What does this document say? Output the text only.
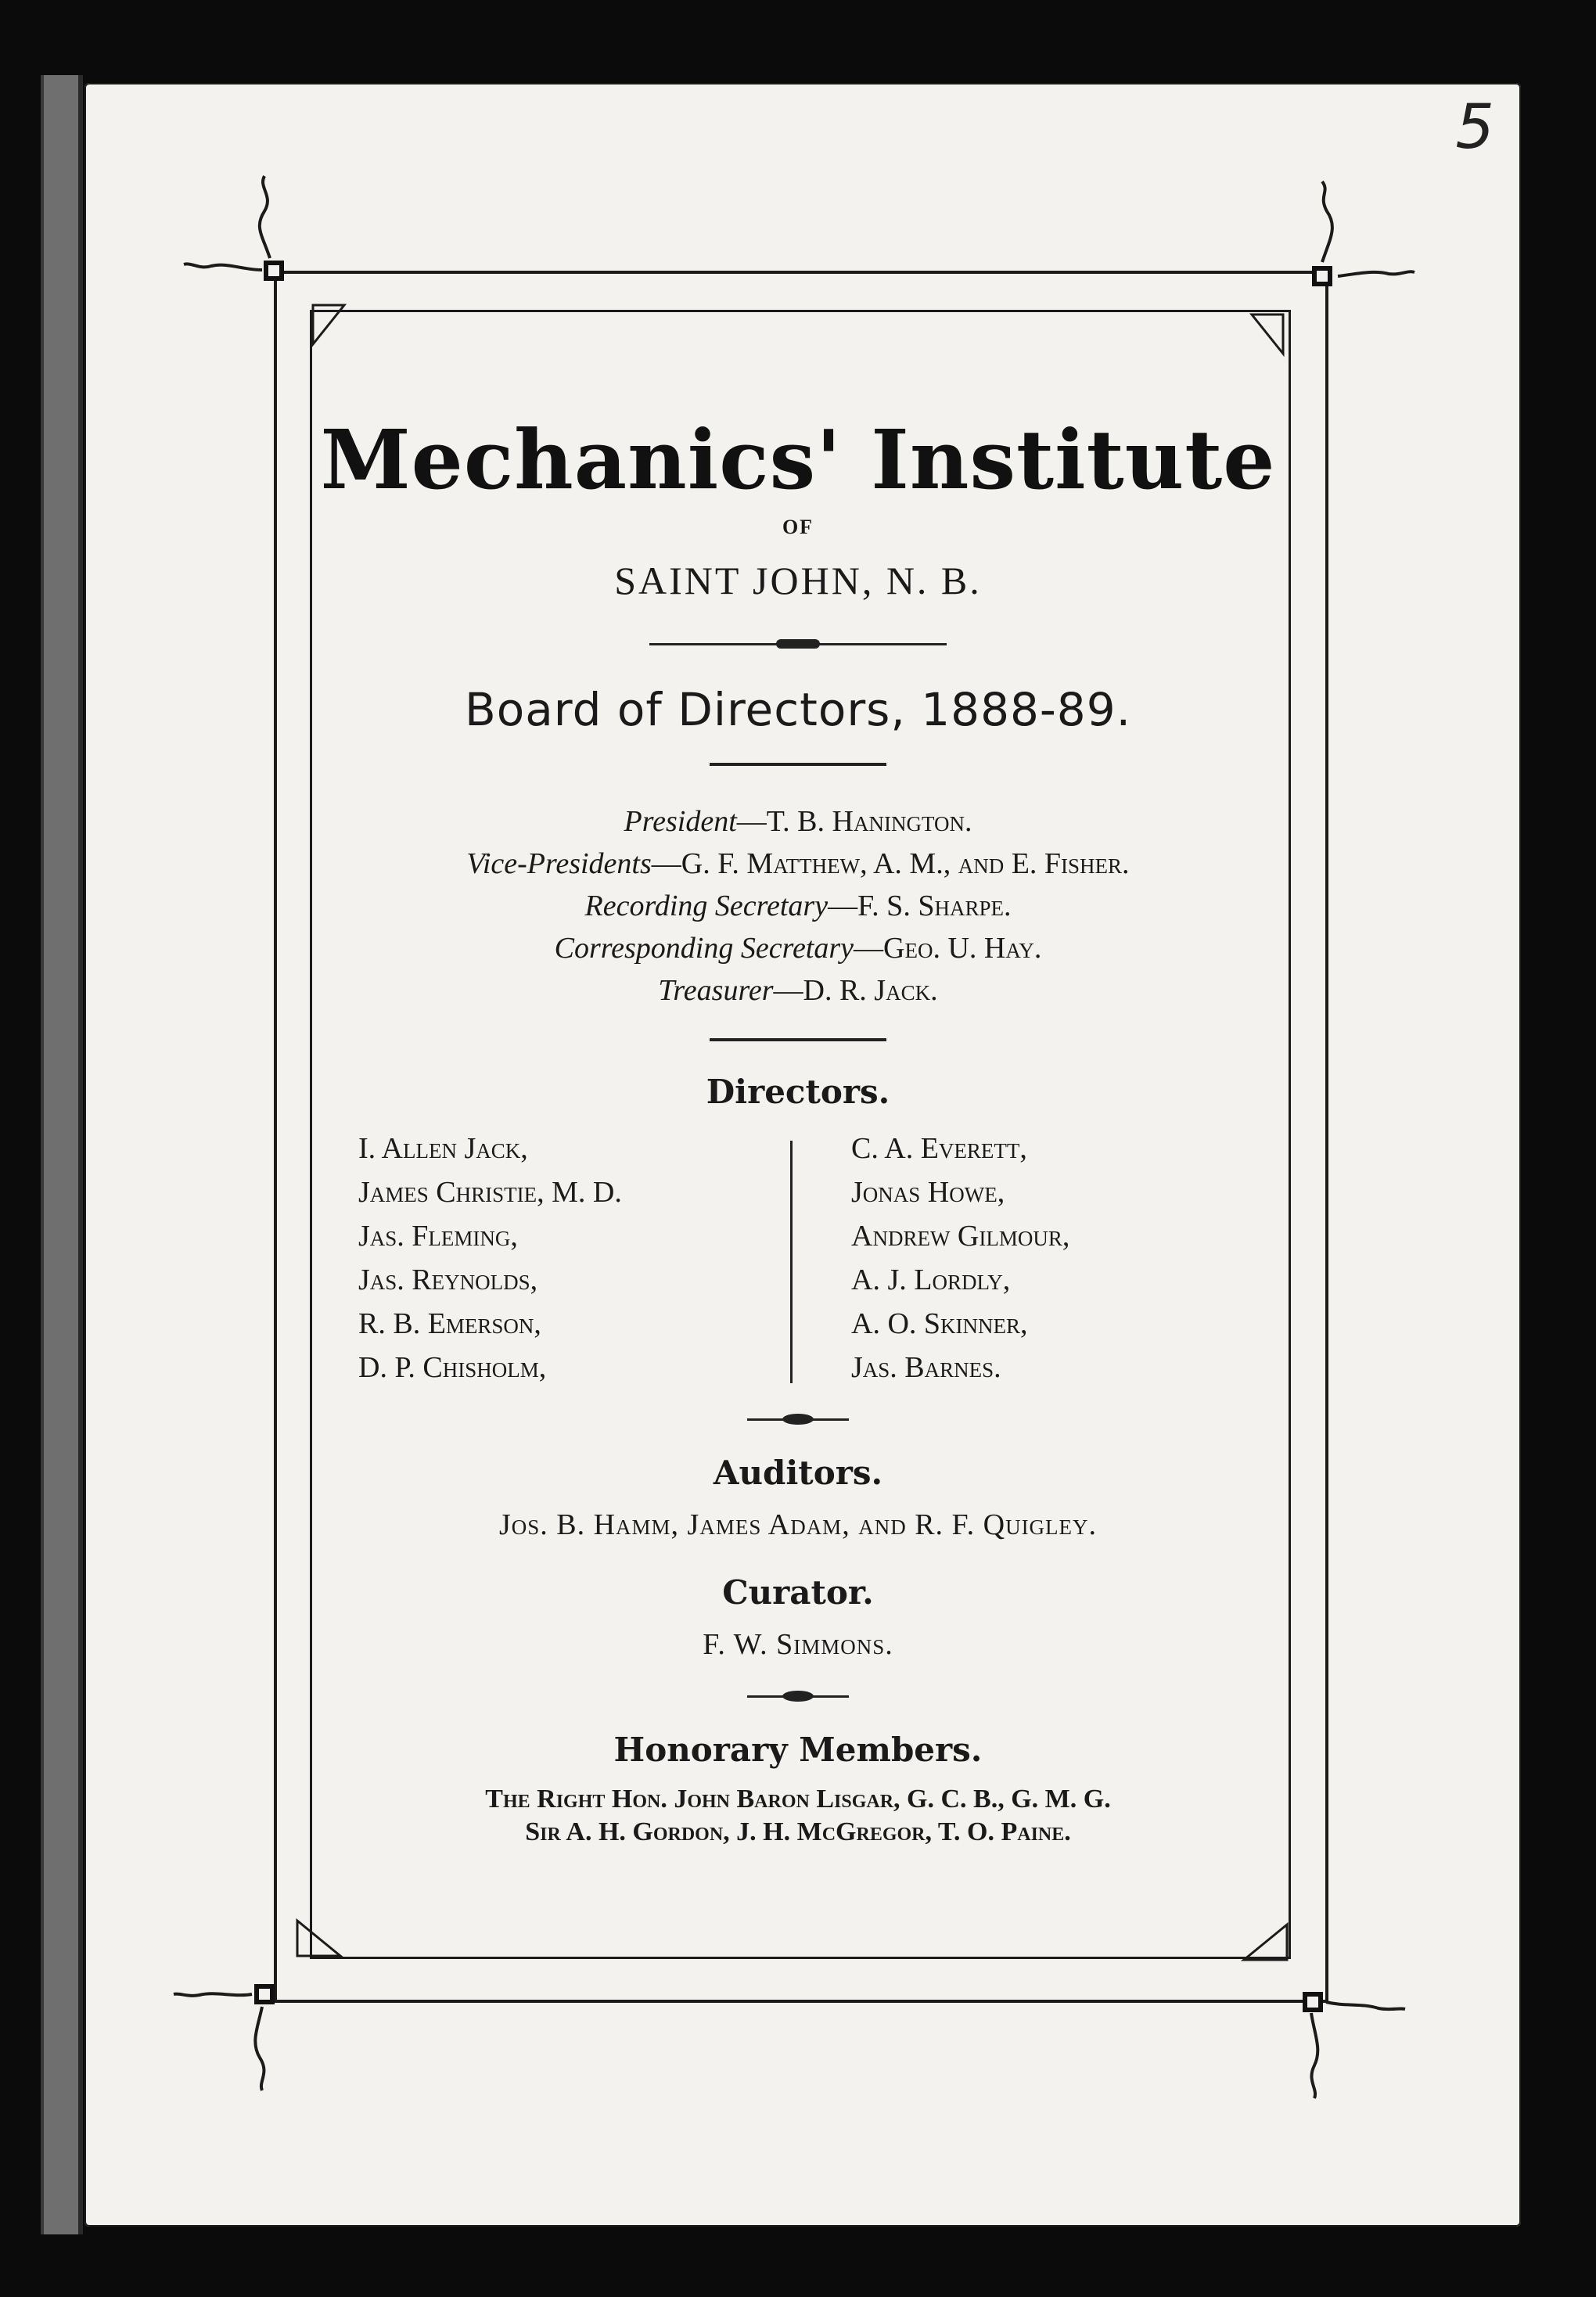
5
Mechanics' Institute
OF
SAINT JOHN, N. B.
Board of Directors, 1888-89.
President—T. B. Hanington.
Vice-Presidents—G. F. Matthew, A. M., and E. Fisher.
Recording Secretary—F. S. Sharpe.
Corresponding Secretary—Geo. U. Hay.
Treasurer—D. R. Jack.
Directors.
I. Allen Jack,
James Christie, M. D.
Jas. Fleming,
Jas. Reynolds,
R. B. Emerson,
D. P. Chisholm,
C. A. Everett,
Jonas Howe,
Andrew Gilmour,
A. J. Lordly,
A. O. Skinner,
Jas. Barnes.
Auditors.
Jos. B. Hamm, James Adam, and R. F. Quigley.
Curator.
F. W. Simmons.
Honorary Members.
The Right Hon. John Baron Lisgar, G. C. B., G. M. G.
Sir A. H. Gordon, J. H. McGregor, T. O. Paine.
